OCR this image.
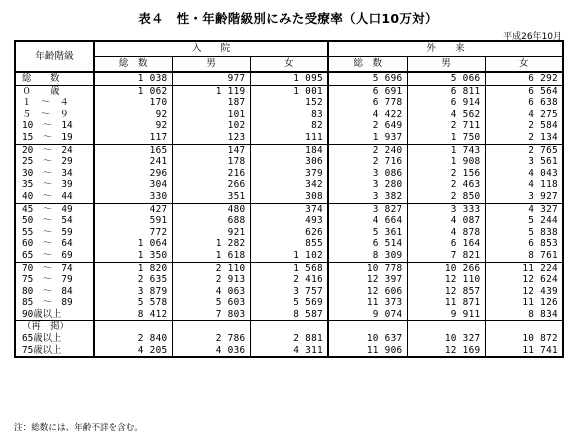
表４　性・年齢階級別にみた受療率（人口10万対）
平成26年10月
年齢階級	入　　院			外　　来		
	総　数	男	女	総　数	男	女
総　　数	1 038	977	1 095	5 696	5 066	6 292
０　　歳	1 062	1 119	1 001	6 691	6 811	6 564
１　～　４	170	187	152	6 778	6 914	6 638
５　～　９	92	101	83	4 422	4 562	4 275
10　～　14	92	102	82	2 649	2 711	2 584
15　～　19	117	123	111	1 937	1 750	2 134
20　～　24	165	147	184	2 240	1 743	2 765
25　～　29	241	178	306	2 716	1 908	3 561
30　～　34	296	216	379	3 086	2 156	4 043
35　～　39	304	266	342	3 280	2 463	4 118
40　～　44	330	351	308	3 382	2 850	3 927
45　～　49	427	480	374	3 827	3 333	4 327
50　～　54	591	688	493	4 664	4 087	5 244
55　～　59	772	921	626	5 361	4 878	5 838
60　～　64	1 064	1 282	855	6 514	6 164	6 853
65　～　69	1 350	1 618	1 102	8 309	7 821	8 761
70　～　74	1 820	2 110	1 568	10 778	10 266	11 224
75　～　79	2 635	2 913	2 416	12 397	12 110	12 624
80　～　84	3 879	4 063	3 757	12 606	12 857	12 439
85　～　89	5 578	5 603	5 569	11 373	11 871	11 126
90歳以上	8 412	7 803	8 587	9 074	9 911	8 834
（再　掲）						
65歳以上	2 840	2 786	2 881	10 637	10 327	10 872
75歳以上	4 205	4 036	4 311	11 906	12 169	11 741
注：総数には、年齢不詳を含む。
